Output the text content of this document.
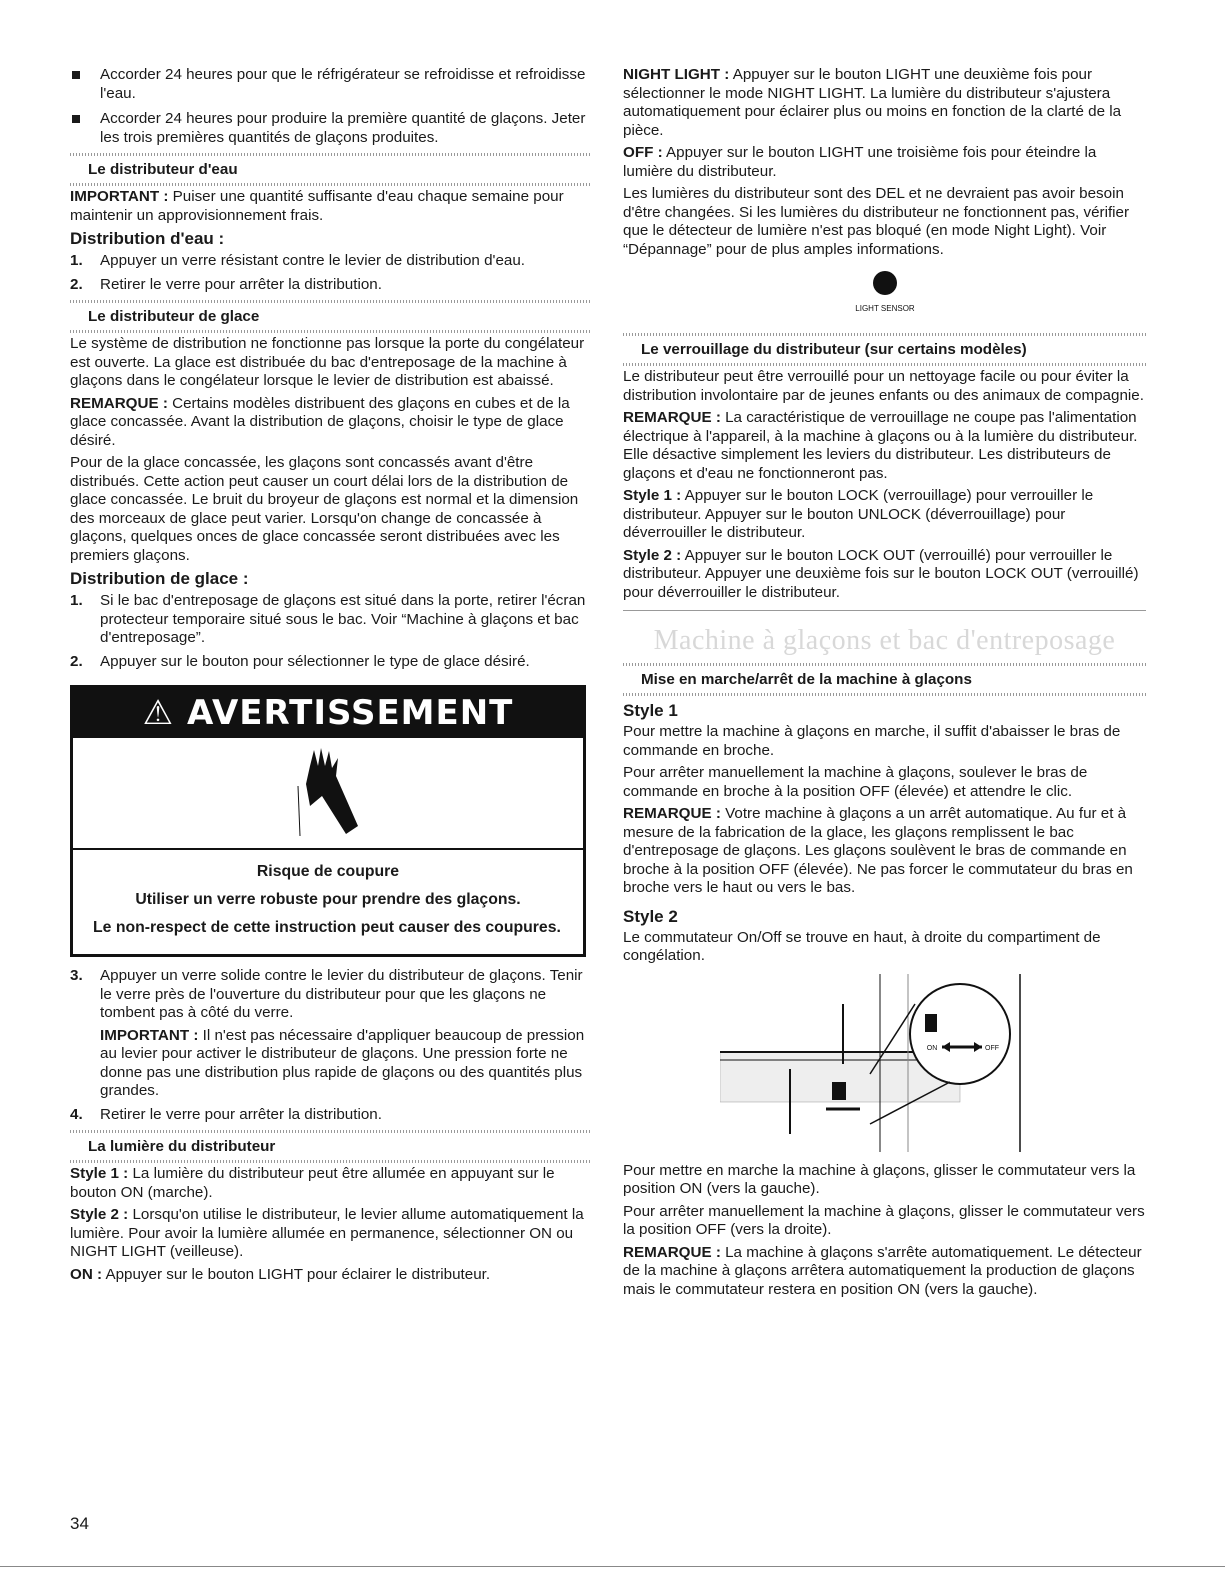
Accorder 24 heures pour que le réfrigérateur se refroidisse et refroidisse l'eau.
Accorder 24 heures pour produire la première quantité de glaçons. Jeter les trois premières quantités de glaçons produites.
Le distributeur d'eau

IMPORTANT : Puiser une quantité suffisante d'eau chaque semaine pour maintenir un approvisionnement frais.

Distribution d'eau :
1. Appuyer un verre résistant contre le levier de distribution d'eau.
2. Retirer le verre pour arrêter la distribution.
Le distributeur de glace

Le système de distribution ne fonctionne pas lorsque la porte du congélateur est ouverte. La glace est distribuée du bac d'entreposage de la machine à glaçons dans le congélateur lorsque le levier de distribution est abaissé.

REMARQUE : Certains modèles distribuent des glaçons en cubes et de la glace concassée. Avant la distribution de glaçons, choisir le type de glace désiré.

Pour de la glace concassée, les glaçons sont concassés avant d'être distribués. Cette action peut causer un court délai lors de la distribution de glace concassée. Le bruit du broyeur de glaçons est normal et la dimension des morceaux de glace peut varier. Lorsqu'on change de concassée à glaçons, quelques onces de glace concassée seront distribuées avec les premiers glaçons.

Distribution de glace :
1. Si le bac d'entreposage de glaçons est situé dans la porte, retirer l'écran protecteur temporaire situé sous le bac. Voir “Machine à glaçons et bac d'entreposage”.
2. Appuyer sur le bouton pour sélectionner le type de glace désiré.
⚠ AVERTISSEMENT

Risque de coupure

Utiliser un verre robuste pour prendre des glaçons.

Le non-respect de cette instruction peut causer des coupures.

3. Appuyer un verre solide contre le levier du distributeur de glaçons. Tenir le verre près de l'ouverture du distributeur pour que les glaçons ne tombent pas à côté du verre.
IMPORTANT : Il n'est pas nécessaire d'appliquer beaucoup de pression au levier pour activer le distributeur de glaçons. Une pression forte ne donne pas une distribution plus rapide de glaçons ou des quantités plus grandes.
4. Retirer le verre pour arrêter la distribution.
La lumière du distributeur

Style 1 : La lumière du distributeur peut être allumée en appuyant sur le bouton ON (marche).

Style 2 : Lorsqu'on utilise le distributeur, le levier allume automatiquement la lumière. Pour avoir la lumière allumée en permanence, sélectionner ON ou NIGHT LIGHT (veilleuse).

ON : Appuyer sur le bouton LIGHT pour éclairer le distributeur.

NIGHT LIGHT : Appuyer sur le bouton LIGHT une deuxième fois pour sélectionner le mode NIGHT LIGHT. La lumière du distributeur s'ajustera automatiquement pour éclairer plus ou moins en fonction de la clarté de la pièce.

OFF : Appuyer sur le bouton LIGHT une troisième fois pour éteindre la lumière du distributeur.

Les lumières du distributeur sont des DEL et ne devraient pas avoir besoin d'être changées. Si les lumières du distributeur ne fonctionnent pas, vérifier que le détecteur de lumière n'est pas bloqué (en mode Night Light). Voir “Dépannage” pour de plus amples informations.

LIGHT SENSOR
Le verrouillage du distributeur (sur certains modèles)

Le distributeur peut être verrouillé pour un nettoyage facile ou pour éviter la distribution involontaire par de jeunes enfants ou des animaux de compagnie.

REMARQUE : La caractéristique de verrouillage ne coupe pas l'alimentation électrique à l'appareil, à la machine à glaçons ou à la lumière du distributeur. Elle désactive simplement les leviers du distributeur. Les distributeurs de glaçons et d'eau ne fonctionneront pas.

Style 1 : Appuyer sur le bouton LOCK (verrouillage) pour verrouiller le distributeur. Appuyer sur le bouton UNLOCK (déverrouillage) pour déverrouiller le distributeur.

Style 2 : Appuyer sur le bouton LOCK OUT (verrouillé) pour verrouiller le distributeur. Appuyer une deuxième fois sur le bouton LOCK OUT (verrouillé) pour déverrouiller le distributeur.

Machine à glaçons et bac d'entreposage
Mise en marche/arrêt de la machine à glaçons
Style 1

Pour mettre la machine à glaçons en marche, il suffit d'abaisser le bras de commande en broche.

Pour arrêter manuellement la machine à glaçons, soulever le bras de commande en broche à la position OFF (élevée) et attendre le clic.

REMARQUE : Votre machine à glaçons a un arrêt automatique. Au fur et à mesure de la fabrication de la glace, les glaçons remplissent le bac d'entreposage de glaçons. Les glaçons soulèvent le bras de commande en broche à la position OFF (élevée). Ne pas forcer le commutateur du bras en broche vers le haut ou vers le bas.

Style 2

Le commutateur On/Off se trouve en haut, à droite du compartiment de congélation.

ON	OFF

Pour mettre en marche la machine à glaçons, glisser le commutateur vers la position ON (vers la gauche).

Pour arrêter manuellement la machine à glaçons, glisser le commutateur vers la position OFF (vers la droite).

REMARQUE : La machine à glaçons s'arrête automatiquement. Le détecteur de la machine à glaçons arrêtera automatiquement la production de glaçons mais le commutateur restera en position ON (vers la gauche).

34
